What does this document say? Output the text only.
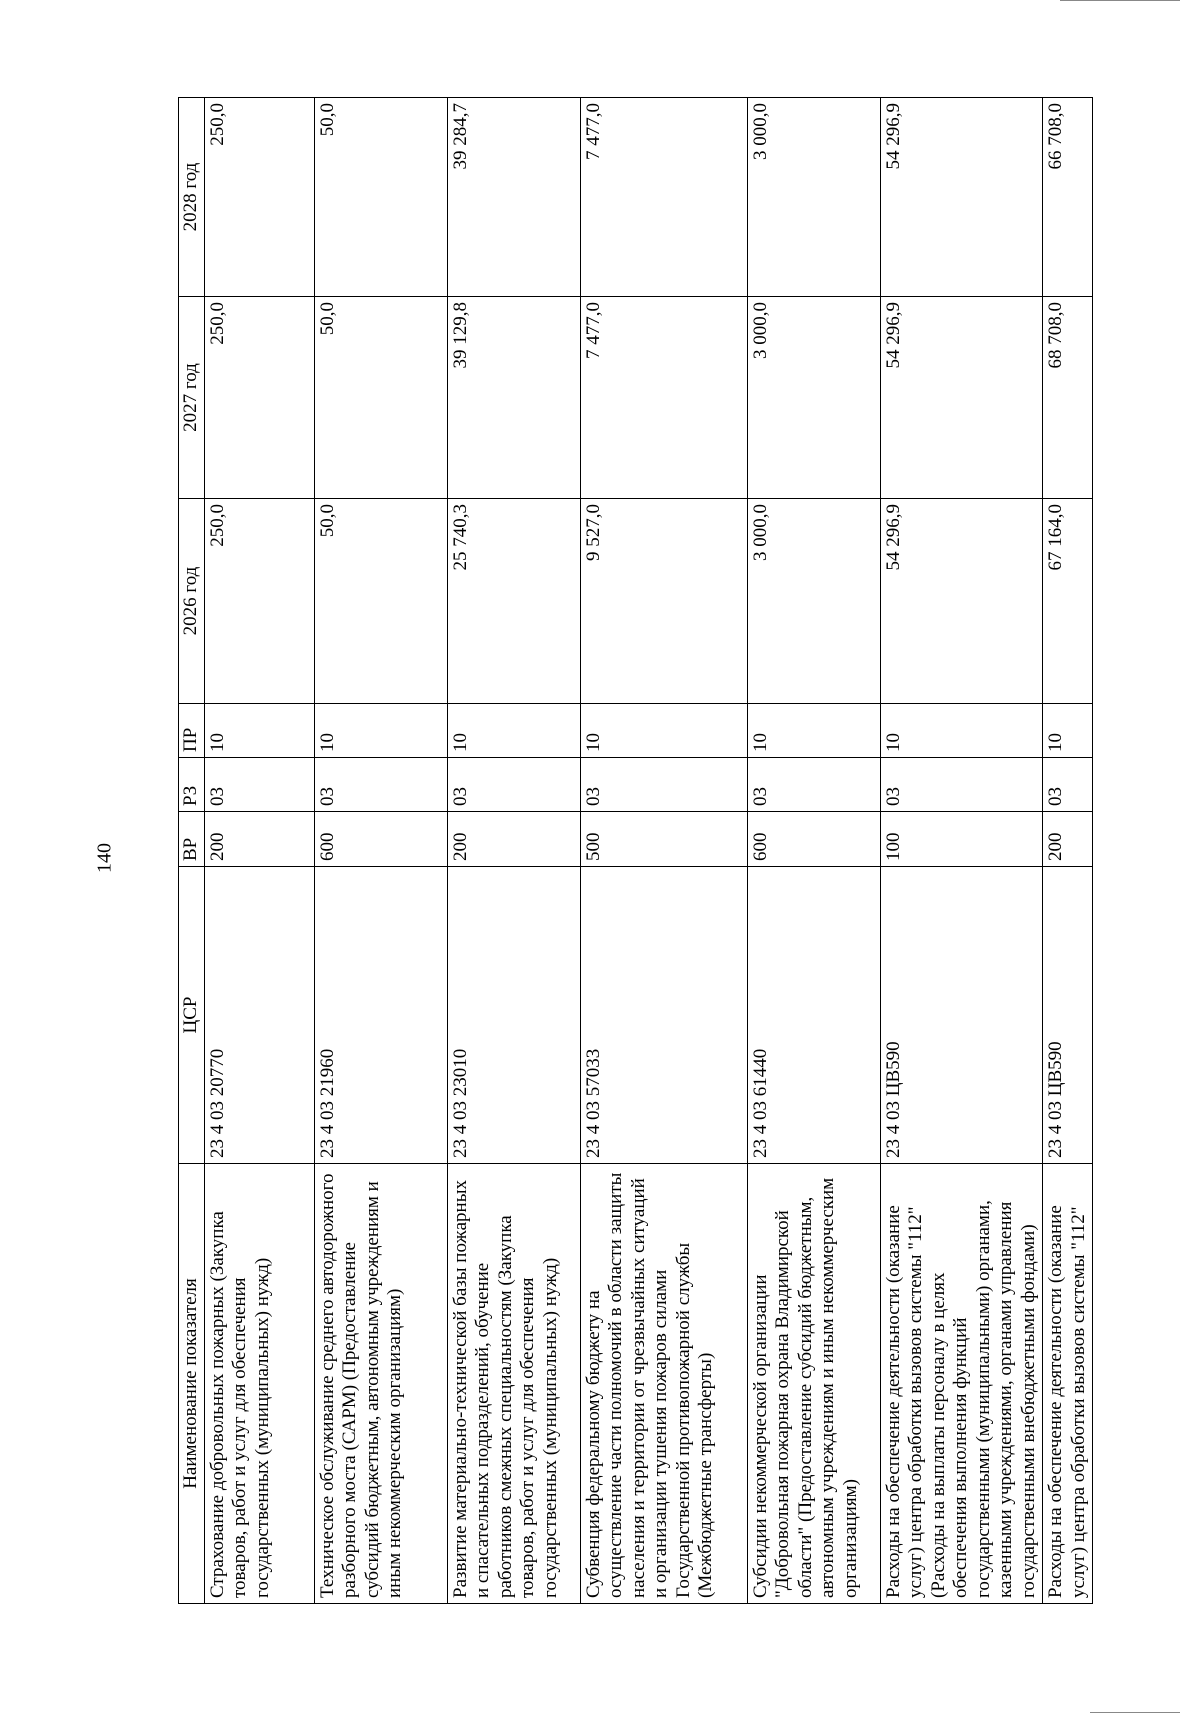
140
Наименование показателя	ЦСР	ВР	РЗ	ПР	2026 год	2027 год	2028 год
Страхование добровольных пожарных (Закупка товаров, работ и услуг для обеспечения государственных (муниципальных) нужд)	23 4 03 20770	200	03	10	250,0	250,0	250,0
Техническое обслуживание среднего автодорожного разборного моста (САРМ) (Предоставление субсидий бюджетным, автономным учреждениям и иным некоммерческим организациям)	23 4 03 21960	600	03	10	50,0	50,0	50,0
Развитие материально-технической базы пожарных и спасательных подразделений, обучение работников смежных специальностям (Закупка товаров, работ и услуг для обеспечения государственных (муниципальных) нужд)	23 4 03 23010	200	03	10	25 740,3	39 129,8	39 284,7
Субвенция федеральному бюджету на осуществление части полномочий в области защиты населения и территории от чрезвычайных ситуаций и организации тушения пожаров силами Государственной противопожарной службы (Межбюджетные трансферты)	23 4 03 57033	500	03	10	9 527,0	7 477,0	7 477,0
Субсидии некоммерческой организации "Добровольная пожарная охрана Владимирской области" (Предоставление субсидий бюджетным, автономным учреждениям и иным некоммерческим организациям)	23 4 03 61440	600	03	10	3 000,0	3 000,0	3 000,0
Расходы на обеспечение деятельности (оказание услуг) центра обработки вызовов системы "112" (Расходы на выплаты персоналу в целях обеспечения выполнения функций государственными (муниципальными) органами, казенными учреждениями, органами управления государственными внебюджетными фондами)	23 4 03 ЦВ590	100	03	10	54 296,9	54 296,9	54 296,9
Расходы на обеспечение деятельности (оказание услуг) центра обработки вызовов системы "112"	23 4 03 ЦВ590	200	03	10	67 164,0	68 708,0	66 708,0
